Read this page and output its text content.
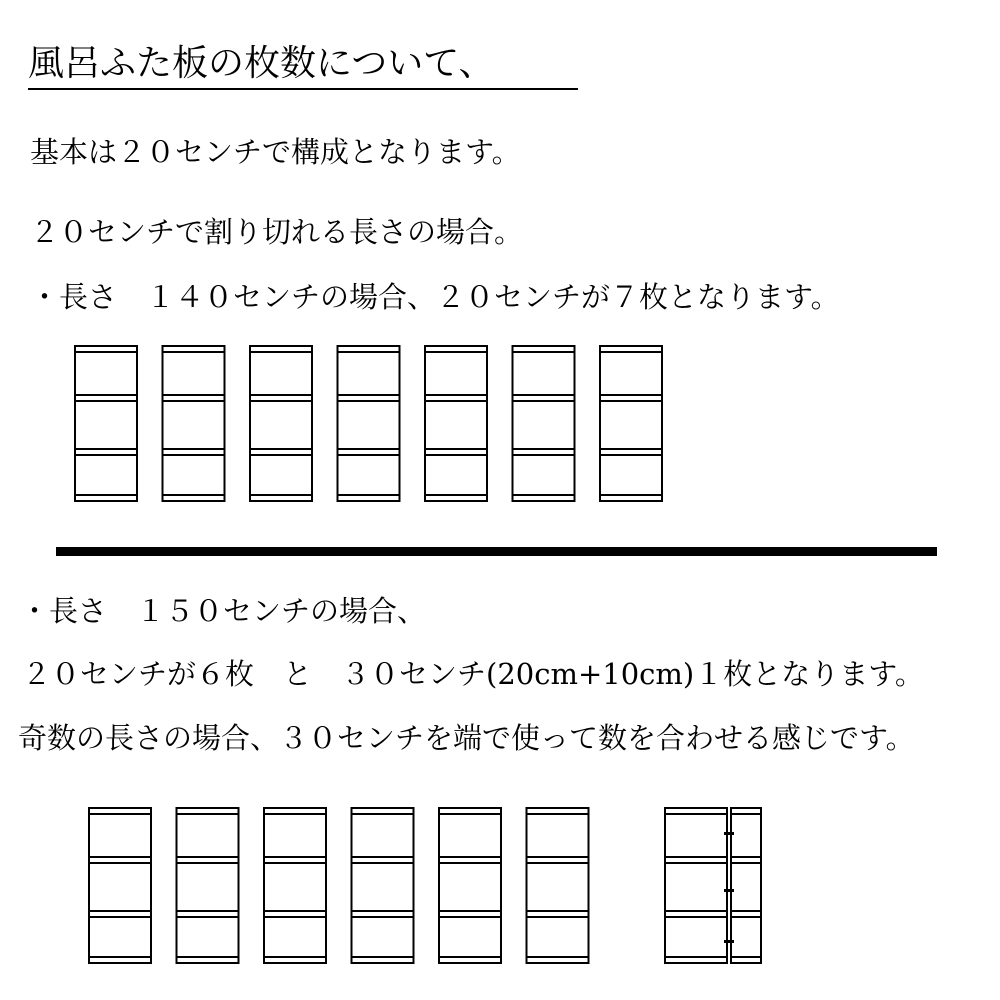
風呂ふた板の枚数について、
基本は２０センチで構成となります。
２０センチで割り切れる長さの場合。
・長さ　１４０センチの場合、２０センチが７枚となります。
・長さ　１５０センチの場合、
２０センチが６枚　と　３０センチ(20cm+10cm)１枚となります。
奇数の長さの場合、３０センチを端で使って数を合わせる感じです。
